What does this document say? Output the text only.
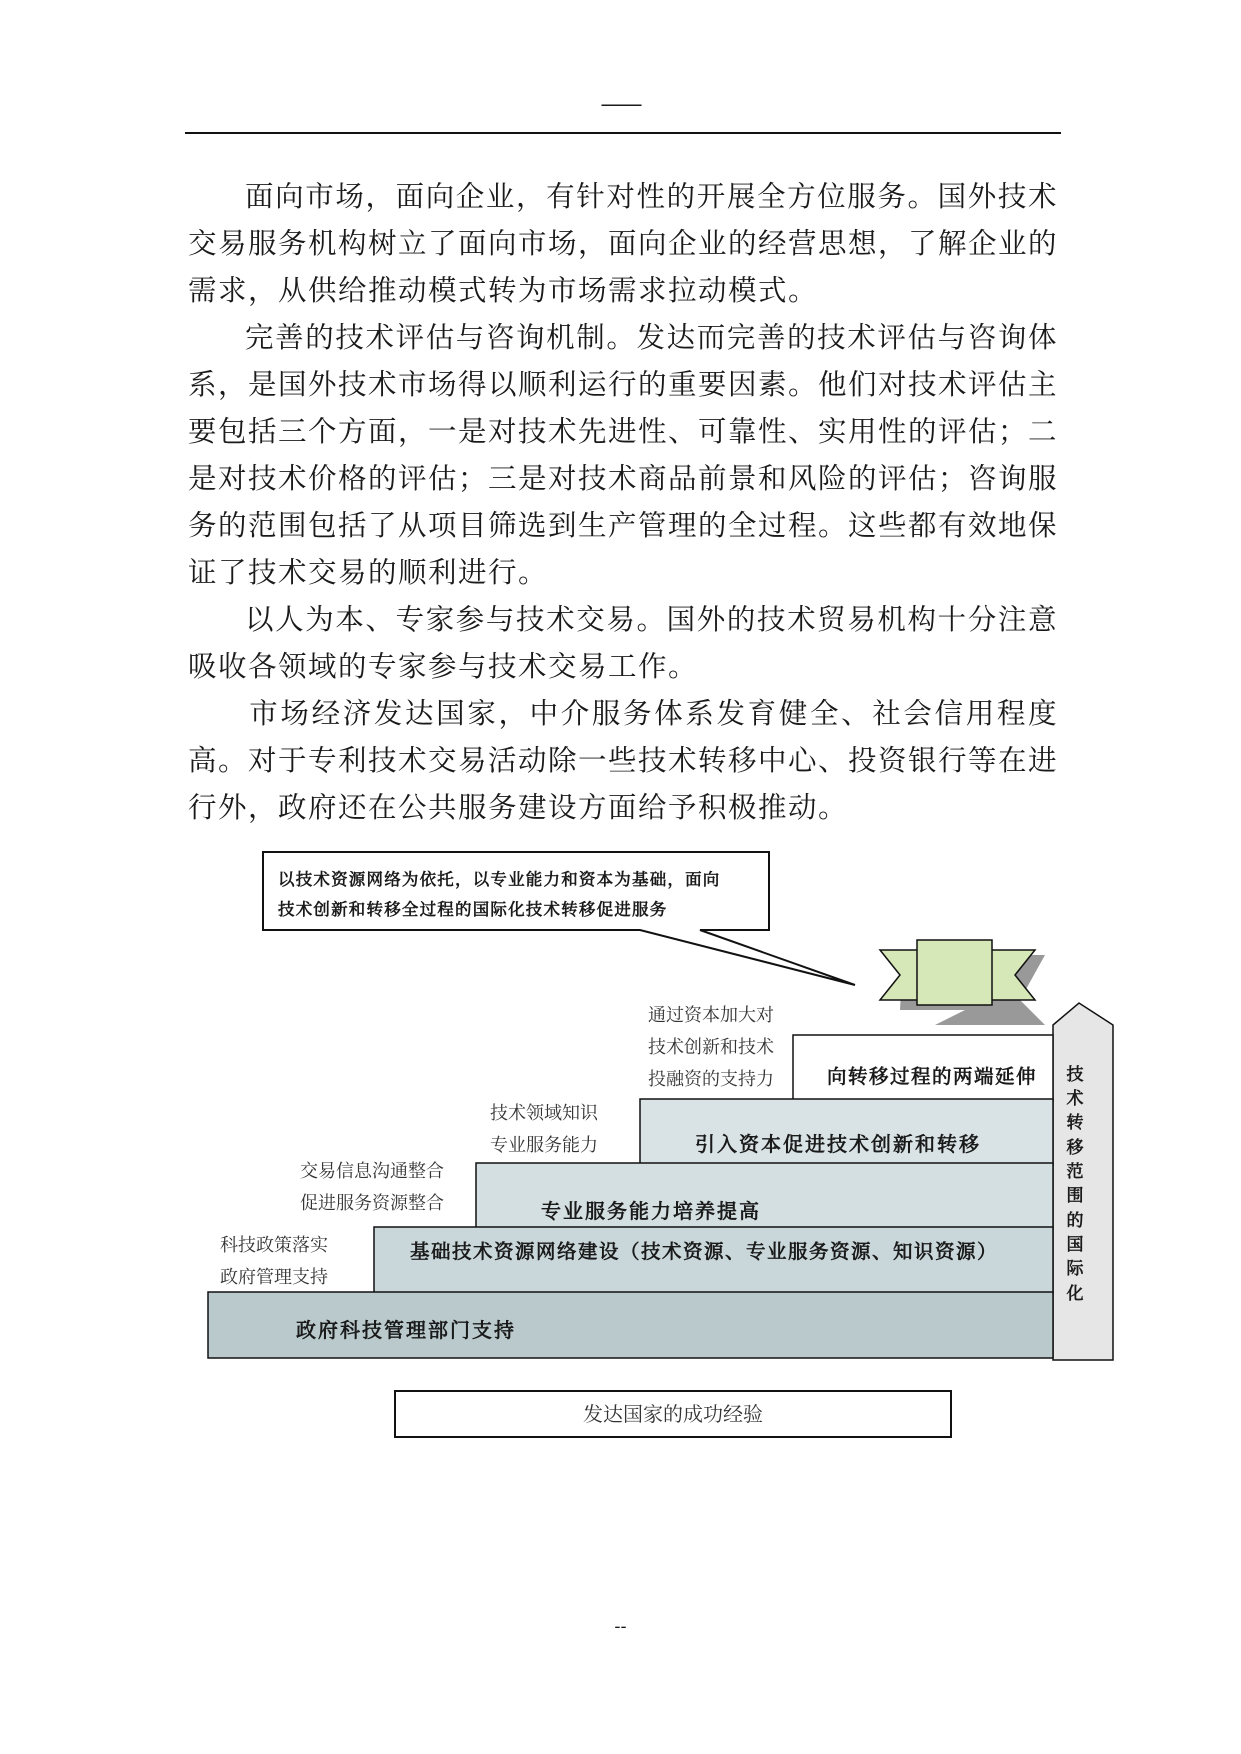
——

面向市场，面向企业，有针对性的开展全方位服务。国外技术交易服务机构树立了面向市场，面向企业的经营思想，了解企业的需求，从供给推动模式转为市场需求拉动模式。

完善的技术评估与咨询机制。发达而完善的技术评估与咨询体系，是国外技术市场得以顺利运行的重要因素。他们对技术评估主要包括三个方面，一是对技术先进性、可靠性、实用性的评估；二是对技术价格的评估；三是对技术商品前景和风险的评估；咨询服务的范围包括了从项目筛选到生产管理的全过程。这些都有效地保证了技术交易的顺利进行。

以人为本、专家参与技术交易。国外的技术贸易机构十分注意吸收各领域的专家参与技术交易工作。

市场经济发达国家，中介服务体系发育健全、社会信用程度高。对于专利技术交易活动除一些技术转移中心、投资银行等在进行外，政府还在公共服务建设方面给予积极推动。

以技术资源网络为依托，以专业能力和资本为基础，面向
技术创新和转移全过程的国际化技术转移促进服务
政府科技管理部门支持
基础技术资源网络建设（技术资源、专业服务资源、知识资源）
专业服务能力培养提高
引入资本促进技术创新和转移
向转移过程的两端延伸
科技政策落实
政府管理支持
交易信息沟通整合
促进服务资源整合
技术领域知识
专业服务能力
通过资本加大对
技术创新和技术
投融资的支持力	技
术
转
移
范
围
的
国
际
化
发达国家的成功经验
--
